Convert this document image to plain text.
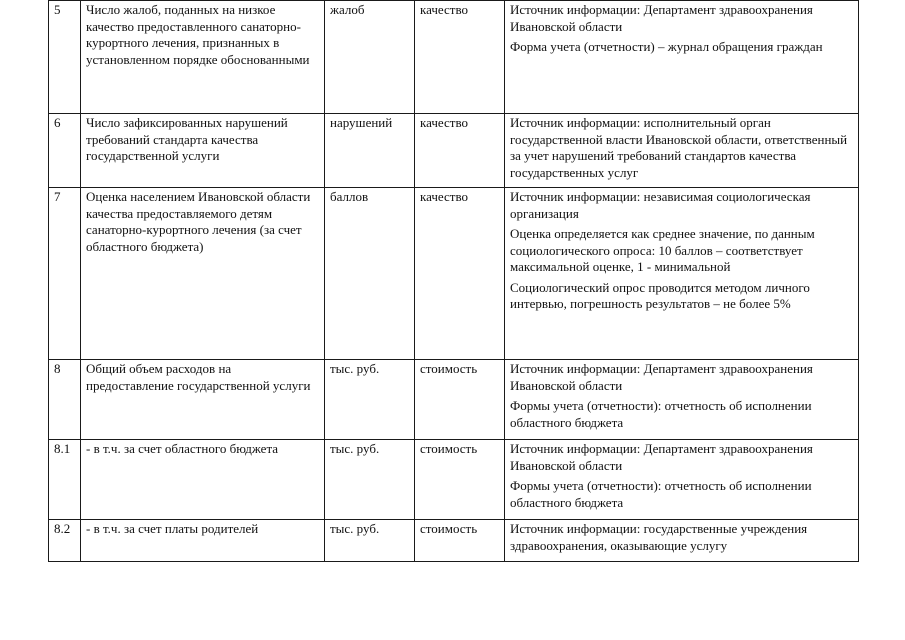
5	Число жалоб, поданных на низкое качество предоставленного санаторно-курортного лечения, признанных в установленном порядке обоснованными	жалоб	качество	Источник информации: Департамент здравоохранения Ивановской области

Форма учета (отчетности) – журнал обращения граждан

6	Число зафиксированных нарушений требований стандарта качества государственной услуги	нарушений	качество	Источник информации: исполнительный орган государственной власти Ивановской области, ответственный за учет нарушений требований стандартов качества государственных услуг

7	Оценка населением Ивановской области качества предоставляемого детям санаторно-курортного лечения (за счет областного бюджета)	баллов	качество	Источник информации: независимая социологическая организация

Оценка определяется как среднее значение, по данным социологического опроса: 10 баллов – соответствует максимальной оценке, 1 - минимальной

Социологический опрос проводится методом личного интервью, погрешность результатов – не более 5%

8	Общий объем расходов на предоставление государственной услуги	тыс. руб.	стоимость	Источник информации: Департамент здравоохранения Ивановской области

Формы учета (отчетности): отчетность об исполнении областного бюджета

8.1	- в т.ч. за счет областного бюджета	тыс. руб.	стоимость	Источник информации: Департамент здравоохранения Ивановской области

Формы учета (отчетности): отчетность об исполнении областного бюджета

8.2	- в т.ч. за счет платы родителей	тыс. руб.	стоимость	Источник информации: государственные учреждения здравоохранения, оказывающие услугу
